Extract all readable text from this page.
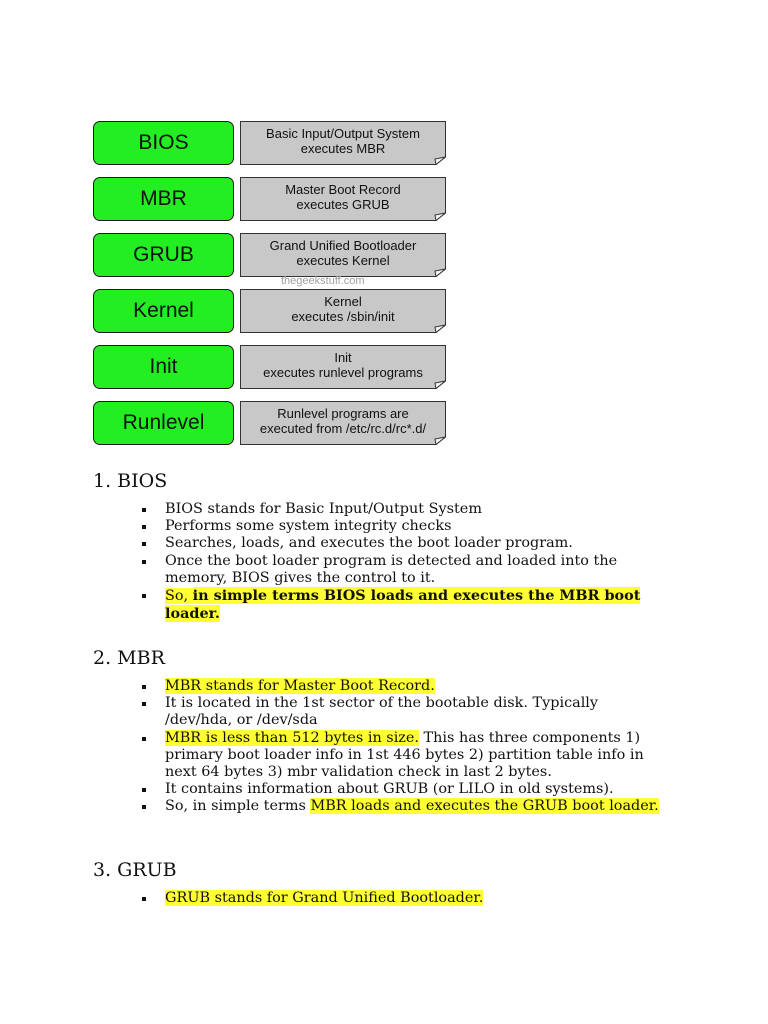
BIOS	Basic Input/Output System
executes MBR
MBR	Master Boot Record
executes GRUB
GRUB	Grand Unified Bootloader
executes Kernel
Kernel	Kernel
executes /sbin/init
Init	Init
executes runlevel programs
Runlevel	Runlevel programs are
executed from /etc/rc.d/rc*.d/
thegeekstuff.com
1. BIOS
BIOS stands for Basic Input/Output System
Performs some system integrity checks
Searches, loads, and executes the boot loader program.
Once the boot loader program is detected and loaded into the memory, BIOS gives the control to it.
So, in simple terms BIOS loads and executes the MBR boot loader.
2. MBR
MBR stands for Master Boot Record.
It is located in the 1st sector of the bootable disk. Typically /dev/hda, or /dev/sda
MBR is less than 512 bytes in size. This has three components 1) primary boot loader info in 1st 446 bytes 2) partition table info in next 64 bytes 3) mbr validation check in last 2 bytes.
It contains information about GRUB (or LILO in old systems).
So, in simple terms MBR loads and executes the GRUB boot loader.
3. GRUB
GRUB stands for Grand Unified Bootloader.
